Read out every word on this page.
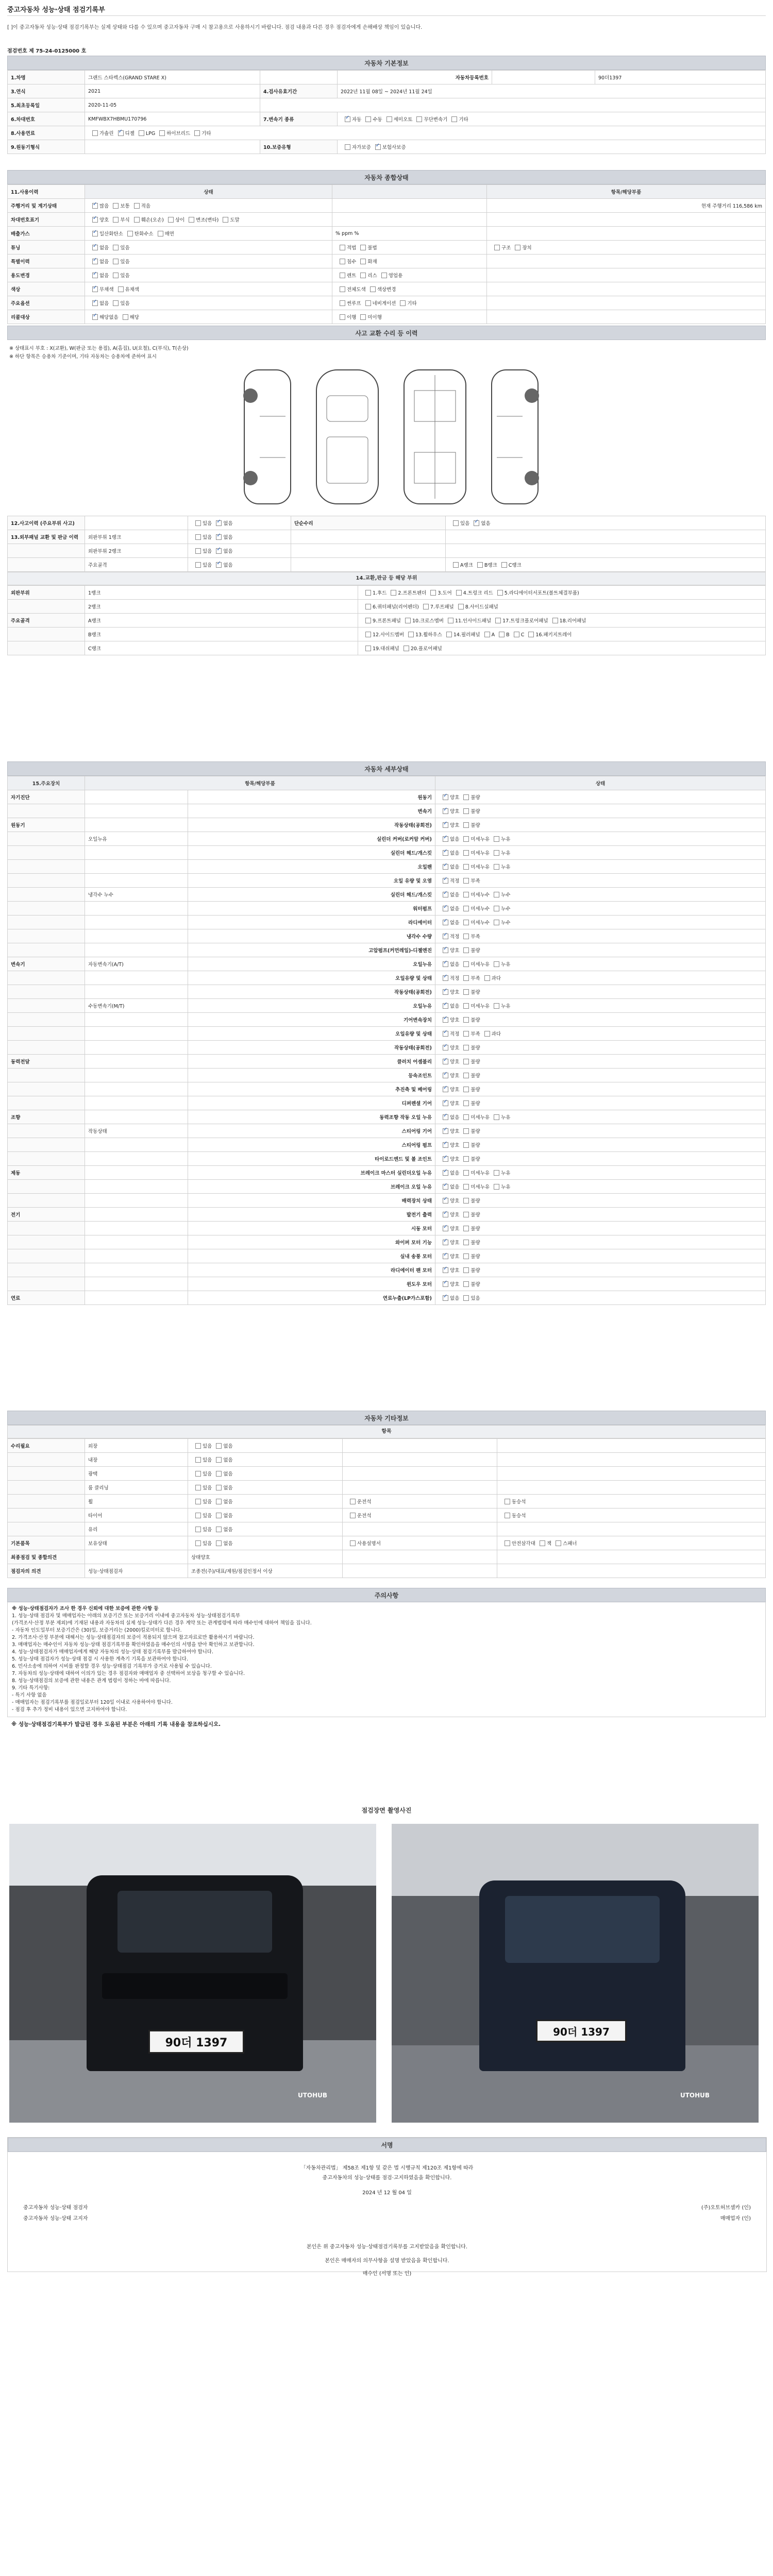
중고자동차 성능·상태 점검기록부
[ ]이 중고자동차 성능·상태 점검기록부는 실제 상태와 다를 수 있으며 중고자동차 구매 시 참고용으로 사용하시기 바랍니다. 점검 내용과 다른 경우 점검자에게 손해배상 책임이 있습니다.
점검번호 제 75-24-0125000 호
자동차 기본정보
1.차명	그랜드 스타렉스(GRAND STARE X)		자동차등록번호		90더1397
3.연식	2021	4.검사유효기간	2022년 11월 08일 ~ 2024년 11월 24일		
5.최초등록일	2020-11-05				
6.차대번호	KMFWBX7HBMU170796	7.변속기 종류	✓자동 수동 세미오토 무단변속기 기타
8.사용연료	가솔린 ✓ 디젤 LPG 하이브리드 기타
9.원동기형식		10.보증유형	자가보증 ✓ 보험사보증
자동차 종합상태
11.사용이력	상태		항목/해당부품
주행거리 및 계기상태	✓많음 보통 적음		현재 주행거리 116,586 km
차대번호표기	✓양호 부식 훼손(오손) 상이 변조(변타) 도말		
배출가스	✓일산화탄소 탄화수소 매연	% ppm %	
튜닝	✓없음 있음	적법 불법	구조 장치
특별이력	✓없음 있음	침수 화재	
용도변경	✓없음 있음	렌트 리스 영업용	
색상	✓무채색 유채색	전체도색 색상변경	
주요옵션	✓없음 있음	썬루프 네비게이션 기타	
리콜대상	✓해당없음 해당	이행 미이행	
사고 교환 수리 등 이력
※ 상태표시 부호 : X(교환), W(판금 또는 용접), A(흠집), U(요철), C(부식), T(손상)
※ 하단 항목은 승용차 기준이며, 기타 자동차는 승용차에 준하여 표시
12.사고이력 (주요부위 사고)		있음 ✓ 없음	단순수리	있음 ✓ 없음
13.외부패널 교환 및 판금 이력	외판부위 1랭크	있음 ✓ 없음		
	외판부위 2랭크	있음 ✓ 없음		
	주요골격	있음 ✓ 없음		A랭크 B랭크 C랭크
14.교환,판금 등 해당 부위
외판부위	1랭크	1.후드 2.프론트펜더 3.도어 4.트렁크 리드 5.라디에이터서포트(볼트체결부품)
	2랭크	6.쿼터패널(리어펜더) 7.루프패널 8.사이드실패널
주요골격	A랭크	9.프론트패널 10.크로스멤버 11.인사이드패널 17.트렁크플로어패널 18.리어패널
	B랭크	12.사이드멤버 13.휠하우스 14.필러패널 A B C 16.패키지트레이
	C랭크	19.대쉬패널 20.플로어패널
자동차 세부상태
15.주요장치	항목/해당부품		상태
자기진단		원동기	✓양호 불량
		변속기	✓양호 불량
원동기		작동상태(공회전)	✓양호 불량
	오일누유	실린더 커버(로커암 커버)	✓없음 미세누유 누유
		실린더 헤드/개스킷	✓없음 미세누유 누유
		오일팬	✓없음 미세누유 누유
		오일 유량 및 오염	✓적정 부족
	냉각수 누수	실린더 헤드/개스킷	✓없음 미세누수 누수
		워터펌프	✓없음 미세누수 누수
		라디에이터	✓없음 미세누수 누수
		냉각수 수량	✓적정 부족
		고압펌프(커먼레일)-디젤엔진	✓양호 불량
변속기	자동변속기(A/T)	오일누유	✓없음 미세누유 누유
		오일유량 및 상태	✓적정 부족 과다
		작동상태(공회전)	✓양호 불량
	수동변속기(M/T)	오일누유	✓없음 미세누유 누유
		기어변속장치	✓양호 불량
		오일유량 및 상태	✓적정 부족 과다
		작동상태(공회전)	✓양호 불량
동력전달		클러치 어셈블리	✓양호 불량
		등속조인트	✓양호 불량
		추진축 및 베어링	✓양호 불량
		디퍼렌셜 기어	✓양호 불량
조향		동력조향 작동 오일 누유	✓없음 미세누유 누유
	작동상태	스티어링 기어	✓양호 불량
		스티어링 펌프	✓양호 불량
		타이로드엔드 및 볼 조인트	✓양호 불량
제동		브레이크 마스터 실린더오일 누유	✓없음 미세누유 누유
		브레이크 오일 누유	✓없음 미세누유 누유
		배력장치 상태	✓양호 불량
전기		발전기 출력	✓양호 불량
		시동 모터	✓양호 불량
		와이퍼 모터 기능	✓양호 불량
		실내 송풍 모터	✓양호 불량
		라디에이터 팬 모터	✓양호 불량
		윈도우 모터	✓양호 불량
연료		연료누출(LP가스포함)	✓없음 있음
자동차 기타정보
항목
수리필요	외장	있음 없음		
	내장	있음 없음		
	광택	있음 없음		
	룸 클리닝	있음 없음		
	휠	있음 없음	운전석	동승석
	타이어	있음 없음	운전석	동승석
	유리	있음 없음		
기본품목	보유상태	있음 없음	사용설명서	안전삼각대 잭 스패너
최종점검 및 종합의견		상태양호		
점검자의 의견	성능·상태점검자	조종전(주)/대표/제원/점검인정서 이상		
주의사항
※ 성능·상태점검자가 조사 한 경우 신뢰에 대한 보증에 관한 사항 등
1. 성능·상태 점검자 및 매매업자는 아래의 보증기간 또는 보증거리 이내에 중고자동차 성능·상태점검기록부
(가격조사·산정 부분 제외)에 기재된 내용과 자동차의 실제 성능·상태가 다른 경우 계약 또는 관계법령에 따라 매수인에 대하여 책임을 집니다.
- 자동차 인도일부터 보증기간은 (30)일, 보증거리는 (2000)킬로미터로 합니다.
2. 가격조사·산정 부분에 대해서는 성능·상태점검자의 보증이 적용되지 않으며 참고자료로만 활용하시기 바랍니다.
3. 매매업자는 매수인이 자동차 성능·상태 점검기록부를 확인하였음을 매수인의 서명을 받아 확인하고 보관합니다.
4. 성능·상태점검자가 매매업자에게 해당 자동차의 성능·상태 점검기록부를 발급하여야 합니다.
5. 성능·상태 점검자가 성능·상태 점검 시 사용한 계측기 기록을 보관하여야 합니다.
6. 민사소송에 의하여 시비를 판정할 경우 성능·상태점검 기록부가 증거로 사용될 수 있습니다.
7. 자동차의 성능·상태에 대하여 이의가 있는 경우 점검자와 매매업자 중 선택하여 보상을 청구할 수 있습니다.
8. 성능·상태점검의 보증에 관한 내용은 관계 법령이 정하는 바에 따릅니다.
9. 기타 특기사항:
- 특기 사항 없음
- 매매업자는 점검기록부를 점검일로부터 120일 이내로 사용하여야 합니다.
- 점검 후 추가 정비 내용이 있으면 고지하여야 합니다.
※ 성능·상태점검기록부가 발급된 경우 도움된 부분은 아래의 기록 내용을 참조하십시오.
점검장면 촬영사진
90더 1397
UTOHUB
90더 1397
UTOHUB
서명
「자동차관리법」 제58조 제1항 및 같은 법 시행규칙 제120조 제1항에 따라
중고자동차의 성능·상태를 점검·고지하였음을 확인합니다.
2024 년 12 월 04 일
중고자동차 성능·상태 점검자	(주)오토허브셀카 (인)
중고자동차 성능·상태 고지자	매매업자 (인)
본인은 위 중고자동차 성능·상태점검기록부를 고지받았음을 확인합니다.
본인은 매매자의 의무사항을 설명 받았음을 확인합니다.
매수인 (서명 또는 인)
